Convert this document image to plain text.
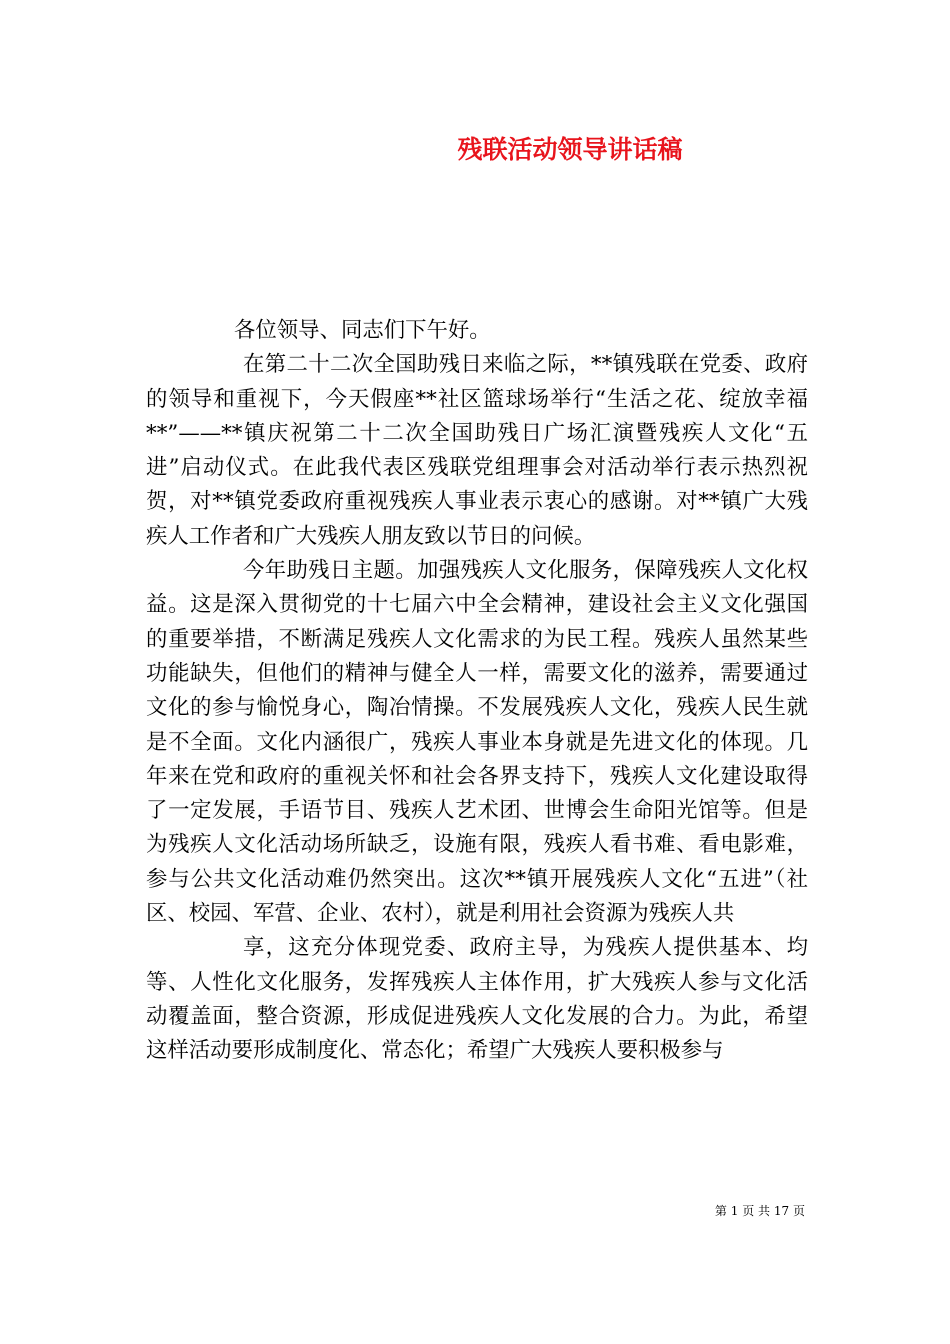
残联活动领导讲话稿

各位领导、同志们下午好。

在第二十二次全国助残日来临之际，**镇残联在党委、政府的领导和重视下，今天假座**社区篮球场举行“生活之花、绽放幸福**”——**镇庆祝第二十二次全国助残日广场汇演暨残疾人文化“五进”启动仪式。在此我代表区残联党组理事会对活动举行表示热烈祝贺，对**镇党委政府重视残疾人事业表示衷心的感谢。对**镇广大残疾人工作者和广大残疾人朋友致以节日的问候。

今年助残日主题。加强残疾人文化服务，保障残疾人文化权益。这是深入贯彻党的十七届六中全会精神，建设社会主义文化强国的重要举措，不断满足残疾人文化需求的为民工程。残疾人虽然某些功能缺失，但他们的精神与健全人一样，需要文化的滋养，需要通过文化的参与愉悦身心，陶冶情操。不发展残疾人文化，残疾人民生就是不全面。文化内涵很广，残疾人事业本身就是先进文化的体现。几年来在党和政府的重视关怀和社会各界支持下，残疾人文化建设取得了一定发展，手语节目、残疾人艺术团、世博会生命阳光馆等。但是为残疾人文化活动场所缺乏，设施有限，残疾人看书难、看电影难，参与公共文化活动难仍然突出。这次**镇开展残疾人文化“五进”（社区、校园、军营、企业、农村），就是利用社会资源为残疾人共

享，这充分体现党委、政府主导，为残疾人提供基本、均等、人性化文化服务，发挥残疾人主体作用，扩大残疾人参与文化活动覆盖面，整合资源，形成促进残疾人文化发展的合力。为此，希望这样活动要形成制度化、常态化；希望广大残疾人要积极参与

第 1 页 共 17 页
